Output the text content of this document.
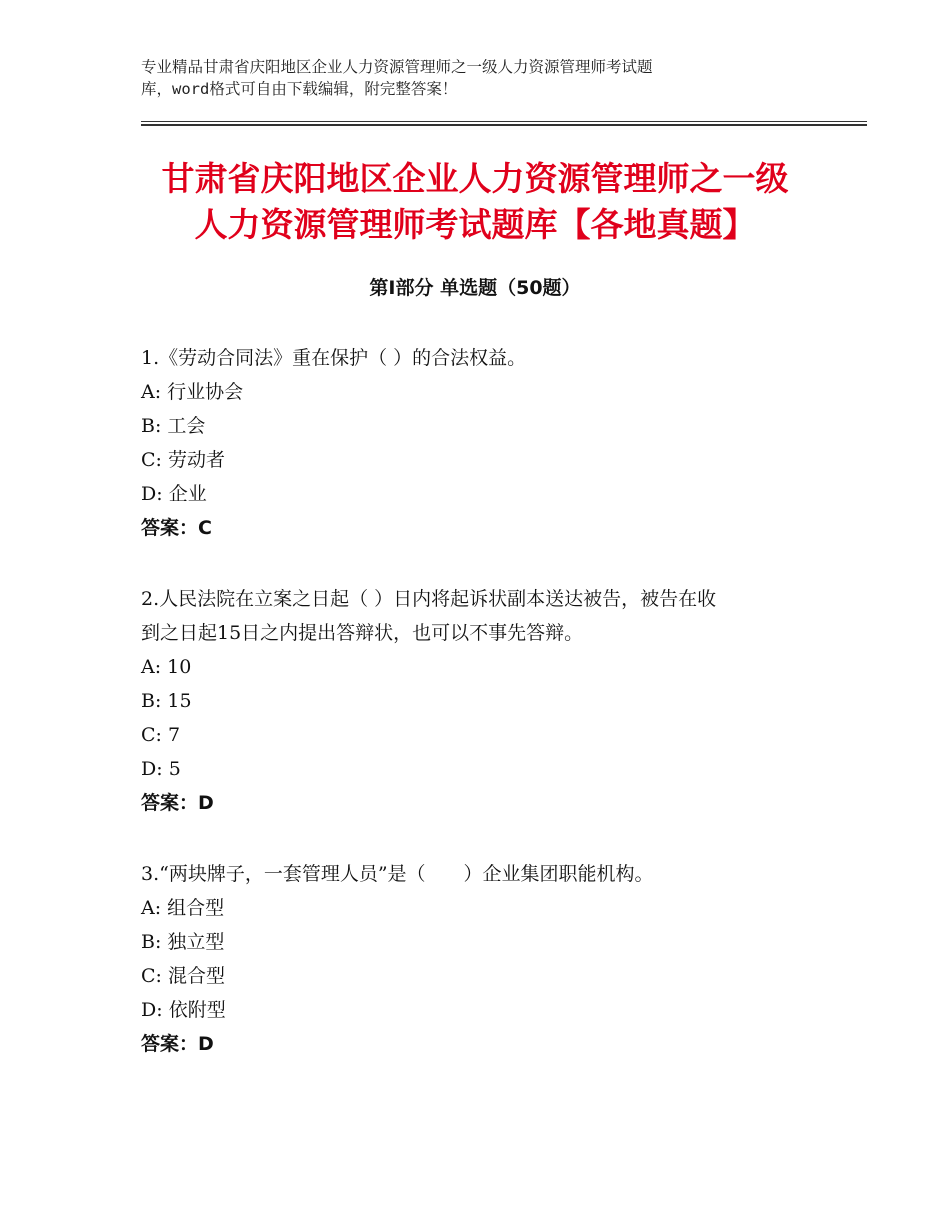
专业精品甘肃省庆阳地区企业人力资源管理师之一级人力资源管理师考试题
库，word格式可自由下载编辑，附完整答案！
甘肃省庆阳地区企业人力资源管理师之一级
人力资源管理师考试题库【各地真题】
第Ⅰ部分 单选题（50题）
1.《劳动合同法》重在保护（ ）的合法权益。
A: 行业协会
B: 工会
C: 劳动者
D: 企业
答案：C
2.人民法院在立案之日起（ ）日内将起诉状副本送达被告，被告在收
到之日起15日之内提出答辩状，也可以不事先答辩。
A: 10
B: 15
C: 7
D: 5
答案：D
3.“两块牌子，一套管理人员”是（　　）企业集团职能机构。
A: 组合型
B: 独立型
C: 混合型
D: 依附型
答案：D
